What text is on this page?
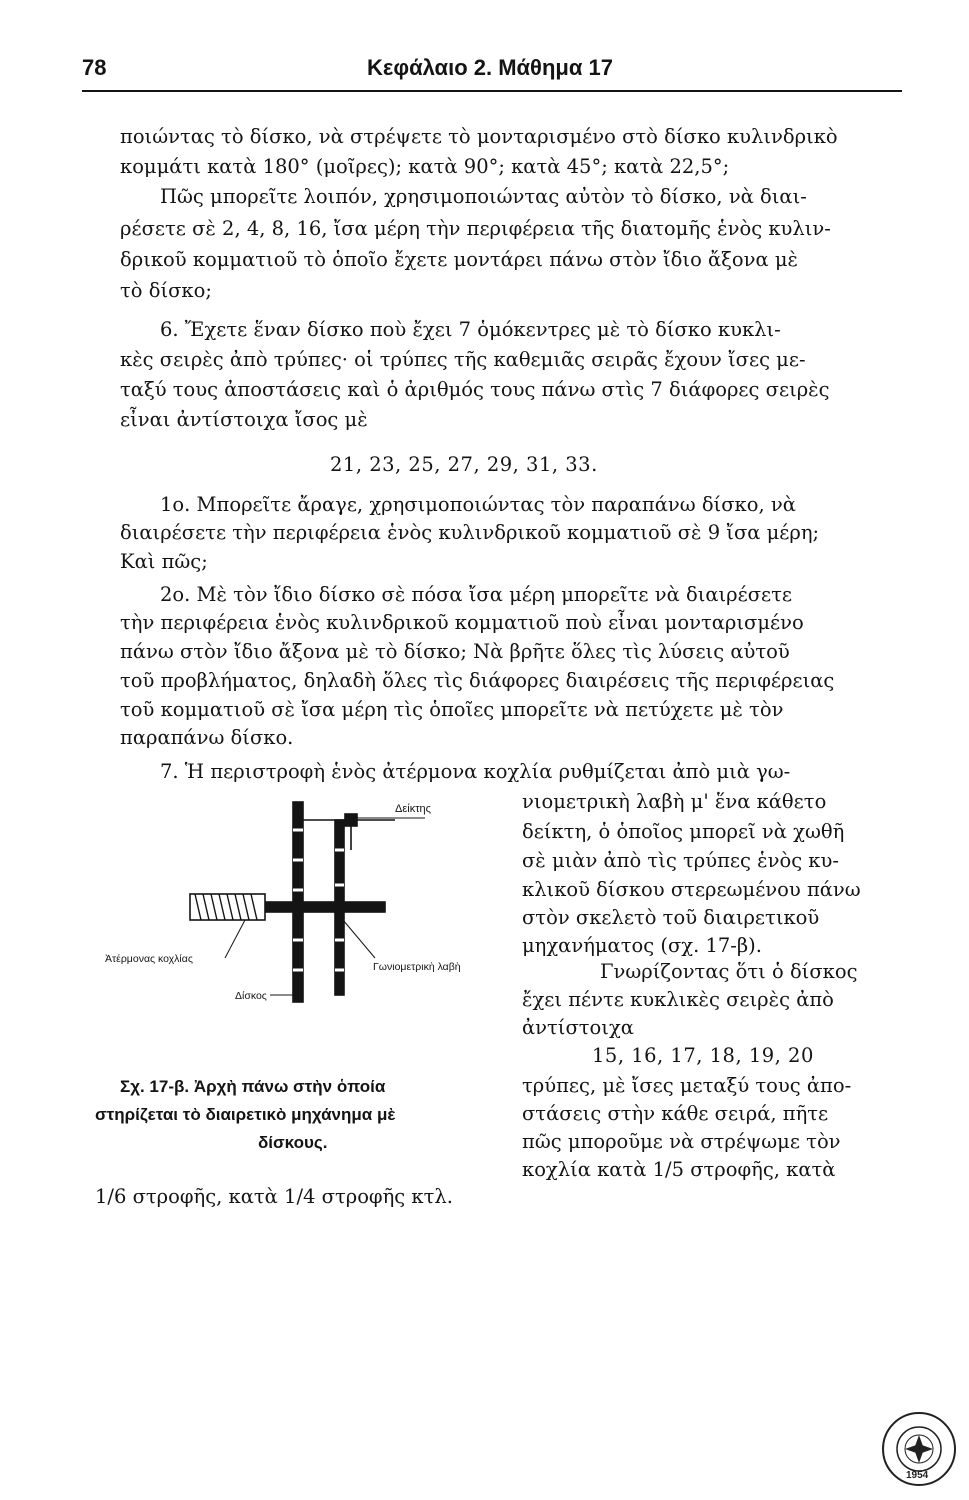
78	Κεφάλαιο 2. Μάθημα 17
ποιώντας τὸ δίσκο, νὰ στρέψετε τὸ μονταρισμένο στὸ δίσκο κυλινδρικὸ
κομμάτι κατὰ 180° (μοῖρες); κατὰ 90°; κατὰ 45°; κατὰ 22,5°;
Πῶς μπορεῖτε λοιπόν, χρησιμοποιώντας αὐτὸν τὸ δίσκο, νὰ διαι-
ρέσετε σὲ 2, 4, 8, 16, ἴσα μέρη τὴν περιφέρεια τῆς διατομῆς ἑνὸς κυλιν-
δρικοῦ κομματιοῦ τὸ ὁποῖο ἔχετε μοντάρει πάνω στὸν ἴδιο ἄξονα μὲ
τὸ δίσκο;
6. Ἔχετε ἕναν δίσκο ποὺ ἔχει 7 ὁμόκεντρες μὲ τὸ δίσκο κυκλι-
κὲς σειρὲς ἀπὸ τρύπες· οἱ τρύπες τῆς καθεμιᾶς σειρᾶς ἔχουν ἴσες με-
ταξύ τους ἀποστάσεις καὶ ὁ ἀριθμός τους πάνω στὶς 7 διάφορες σειρὲς
εἶναι ἀντίστοιχα ἴσος μὲ
21, 23, 25, 27, 29, 31, 33.
1ο. Μπορεῖτε ἄραγε, χρησιμοποιώντας τὸν παραπάνω δίσκο, νὰ
διαιρέσετε τὴν περιφέρεια ἑνὸς κυλινδρικοῦ κομματιοῦ σὲ 9 ἴσα μέρη;
Καὶ πῶς;
2ο. Μὲ τὸν ἴδιο δίσκο σὲ πόσα ἴσα μέρη μπορεῖτε νὰ διαιρέσετε
τὴν περιφέρεια ἑνὸς κυλινδρικοῦ κομματιοῦ ποὺ εἶναι μονταρισμένο
πάνω στὸν ἴδιο ἄξονα μὲ τὸ δίσκο; Νὰ βρῆτε ὅλες τὶς λύσεις αὐτοῦ
τοῦ προβλήματος, δηλαδὴ ὅλες τὶς διάφορες διαιρέσεις τῆς περιφέρειας
τοῦ κομματιοῦ σὲ ἴσα μέρη τὶς ὁποῖες μπορεῖτε νὰ πετύχετε μὲ τὸν
παραπάνω δίσκο.
7. Ἡ περιστροφὴ ἑνὸς ἀτέρμονα κοχλία ρυθμίζεται ἀπὸ μιὰ γω-
νιομετρικὴ λαβὴ μ' ἕνα κάθετο
δείκτη, ὁ ὁποῖος μπορεῖ νὰ χωθῆ
σὲ μιὰν ἀπὸ τὶς τρύπες ἑνὸς κυ-
κλικοῦ δίσκου στερεωμένου πάνω
στὸν σκελετὸ τοῦ διαιρετικοῦ
μηχανήματος (σχ. 17-β).
Γνωρίζοντας ὅτι ὁ δίσκος
ἔχει πέντε κυκλικὲς σειρὲς ἀπὸ
ἀντίστοιχα
15, 16, 17, 18, 19, 20
τρύπες, μὲ ἴσες μεταξύ τους ἀπο-
στάσεις στὴν κάθε σειρά, πῆτε
πῶς μποροῦμε νὰ στρέψωμε τὸν
κοχλία κατὰ 1/5 στροφῆς, κατὰ
1/6 στροφῆς, κατὰ 1/4 στροφῆς κτλ.
Δείκτης
Ἀτέρμονας κοχλίας
Γωνιομετρικὴ λαβὴ
Δίσκος
Σχ. 17-β. Ἀρχὴ πάνω στὴν ὁποία
στηρίζεται τὸ διαιρετικὸ μηχάνημα μὲ
δίσκους.
1954
